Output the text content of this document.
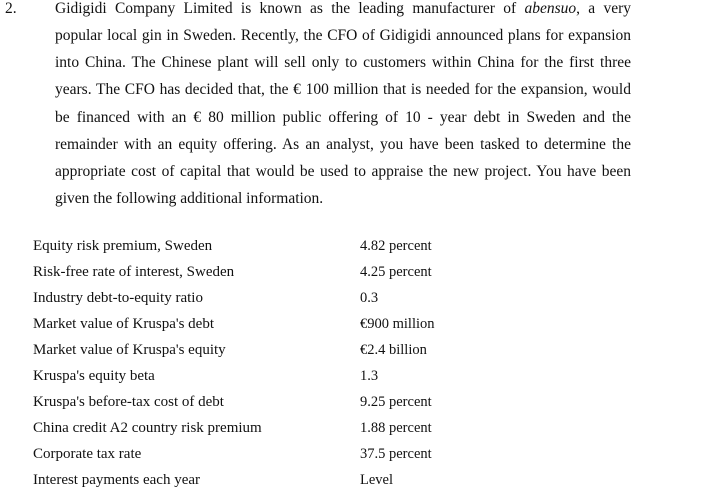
2. Gidigidi Company Limited is known as the leading manufacturer of abensuo, a very
popular local gin in Sweden. Recently, the CFO of Gidigidi announced plans for expansion
into China. The Chinese plant will sell only to customers within China for the first three
years. The CFO has decided that, the € 100 million that is needed for the expansion, would
be financed with an € 80 million public offering of 10 - year debt in Sweden and the
remainder with an equity offering. As an analyst, you have been tasked to determine the
appropriate cost of capital that would be used to appraise the new project. You have been
given the following additional information.
Equity risk premium, Sweden	4.82 percent
Risk-free rate of interest, Sweden	4.25 percent
Industry debt-to-equity ratio	0.3
Market value of Kruspa's debt	€900 million
Market value of Kruspa's equity	€2.4 billion
Kruspa's equity beta	1.3
Kruspa's before-tax cost of debt	9.25 percent
China credit A2 country risk premium	1.88 percent
Corporate tax rate	37.5 percent
Interest payments each year	Level
